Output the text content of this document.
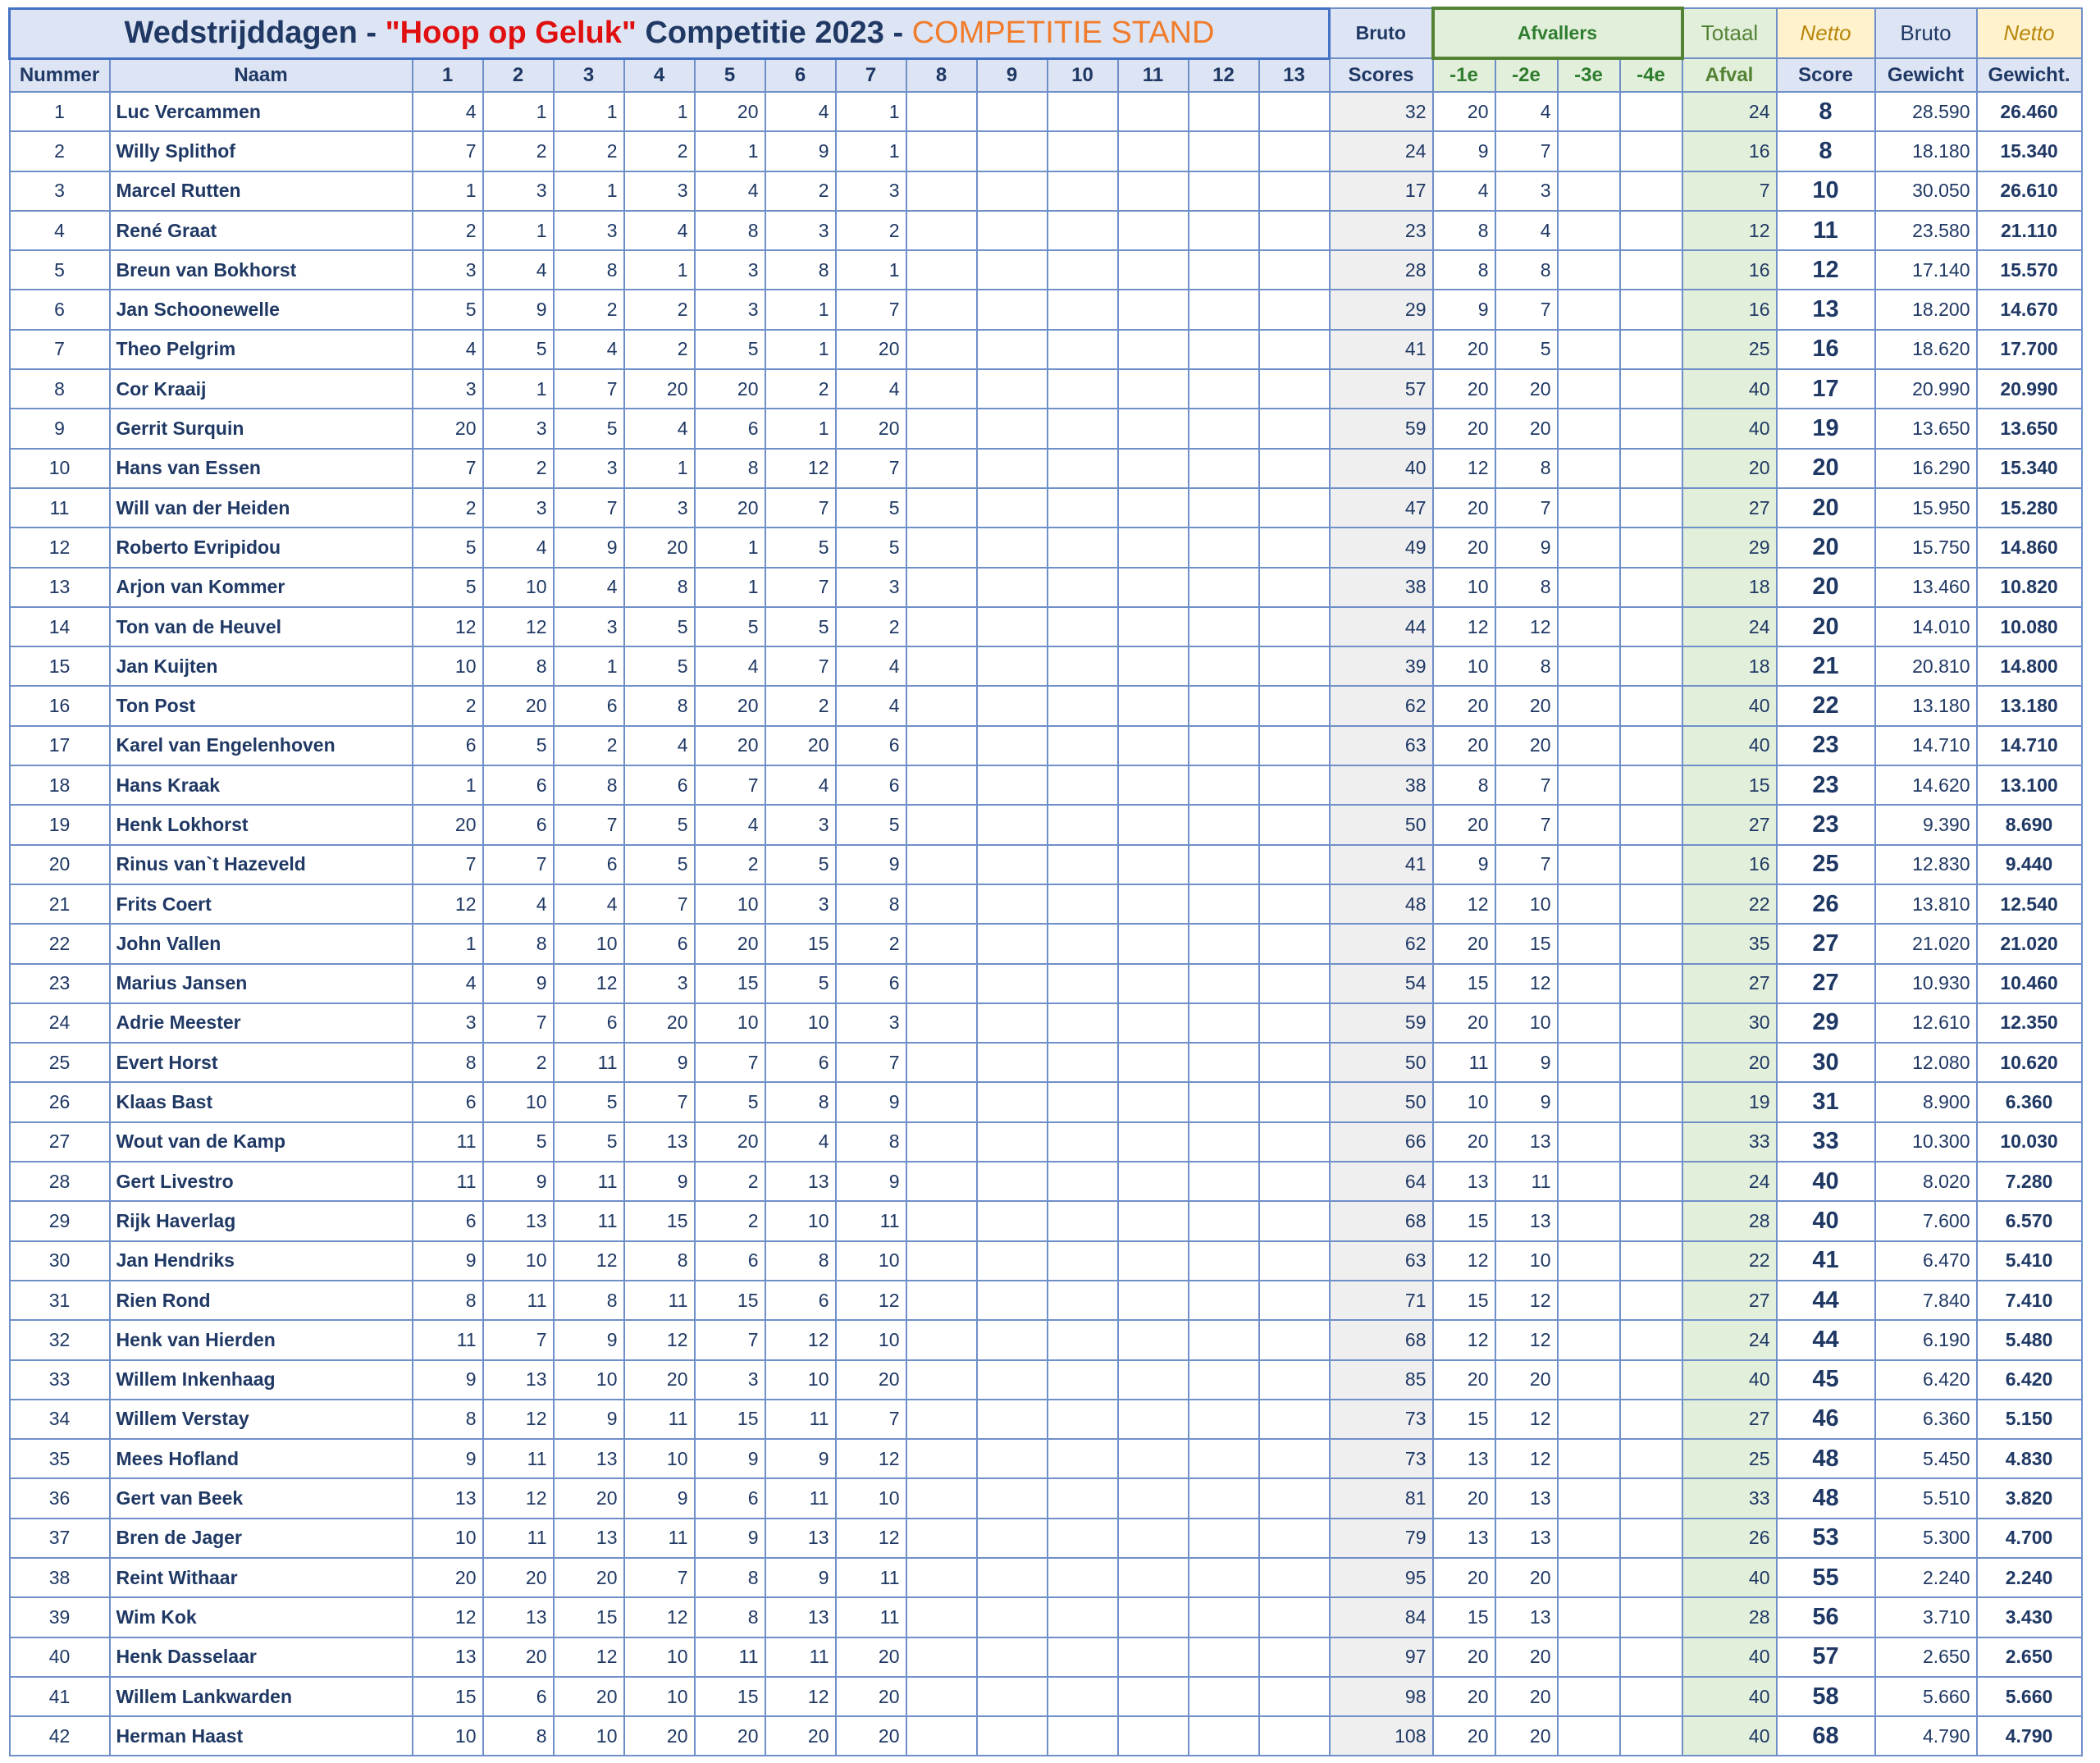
Wedstrijddagen - "Hoop op Geluk" Competitie 2023 - COMPETITIE STAND															Bruto	Afvallers				Totaal	Netto	Bruto	Netto
Nummer	Naam	1	2	3	4	5	6	7	8	9	10	11	12	13	Scores	-1e	-2e	-3e	-4e	Afval	Score	Gewicht	Gewicht.
1	Luc Vercammen	4	1	1	1	20	4	1							32	20	4			24	8	28.590	26.460
2	Willy Splithof	7	2	2	2	1	9	1							24	9	7			16	8	18.180	15.340
3	Marcel Rutten	1	3	1	3	4	2	3							17	4	3			7	10	30.050	26.610
4	René Graat	2	1	3	4	8	3	2							23	8	4			12	11	23.580	21.110
5	Breun van Bokhorst	3	4	8	1	3	8	1							28	8	8			16	12	17.140	15.570
6	Jan Schoonewelle	5	9	2	2	3	1	7							29	9	7			16	13	18.200	14.670
7	Theo Pelgrim	4	5	4	2	5	1	20							41	20	5			25	16	18.620	17.700
8	Cor Kraaij	3	1	7	20	20	2	4							57	20	20			40	17	20.990	20.990
9	Gerrit Surquin	20	3	5	4	6	1	20							59	20	20			40	19	13.650	13.650
10	Hans van Essen	7	2	3	1	8	12	7							40	12	8			20	20	16.290	15.340
11	Will van der Heiden	2	3	7	3	20	7	5							47	20	7			27	20	15.950	15.280
12	Roberto Evripidou	5	4	9	20	1	5	5							49	20	9			29	20	15.750	14.860
13	Arjon van Kommer	5	10	4	8	1	7	3							38	10	8			18	20	13.460	10.820
14	Ton van de Heuvel	12	12	3	5	5	5	2							44	12	12			24	20	14.010	10.080
15	Jan Kuijten	10	8	1	5	4	7	4							39	10	8			18	21	20.810	14.800
16	Ton Post	2	20	6	8	20	2	4							62	20	20			40	22	13.180	13.180
17	Karel van Engelenhoven	6	5	2	4	20	20	6							63	20	20			40	23	14.710	14.710
18	Hans Kraak	1	6	8	6	7	4	6							38	8	7			15	23	14.620	13.100
19	Henk Lokhorst	20	6	7	5	4	3	5							50	20	7			27	23	9.390	8.690
20	Rinus van`t Hazeveld	7	7	6	5	2	5	9							41	9	7			16	25	12.830	9.440
21	Frits Coert	12	4	4	7	10	3	8							48	12	10			22	26	13.810	12.540
22	John Vallen	1	8	10	6	20	15	2							62	20	15			35	27	21.020	21.020
23	Marius Jansen	4	9	12	3	15	5	6							54	15	12			27	27	10.930	10.460
24	Adrie Meester	3	7	6	20	10	10	3							59	20	10			30	29	12.610	12.350
25	Evert Horst	8	2	11	9	7	6	7							50	11	9			20	30	12.080	10.620
26	Klaas Bast	6	10	5	7	5	8	9							50	10	9			19	31	8.900	6.360
27	Wout van de Kamp	11	5	5	13	20	4	8							66	20	13			33	33	10.300	10.030
28	Gert Livestro	11	9	11	9	2	13	9							64	13	11			24	40	8.020	7.280
29	Rijk Haverlag	6	13	11	15	2	10	11							68	15	13			28	40	7.600	6.570
30	Jan Hendriks	9	10	12	8	6	8	10							63	12	10			22	41	6.470	5.410
31	Rien Rond	8	11	8	11	15	6	12							71	15	12			27	44	7.840	7.410
32	Henk van Hierden	11	7	9	12	7	12	10							68	12	12			24	44	6.190	5.480
33	Willem Inkenhaag	9	13	10	20	3	10	20							85	20	20			40	45	6.420	6.420
34	Willem Verstay	8	12	9	11	15	11	7							73	15	12			27	46	6.360	5.150
35	Mees Hofland	9	11	13	10	9	9	12							73	13	12			25	48	5.450	4.830
36	Gert van Beek	13	12	20	9	6	11	10							81	20	13			33	48	5.510	3.820
37	Bren de Jager	10	11	13	11	9	13	12							79	13	13			26	53	5.300	4.700
38	Reint Withaar	20	20	20	7	8	9	11							95	20	20			40	55	2.240	2.240
39	Wim Kok	12	13	15	12	8	13	11							84	15	13			28	56	3.710	3.430
40	Henk Dasselaar	13	20	12	10	11	11	20							97	20	20			40	57	2.650	2.650
41	Willem Lankwarden	15	6	20	10	15	12	20							98	20	20			40	58	5.660	5.660
42	Herman Haast	10	8	10	20	20	20	20							108	20	20			40	68	4.790	4.790
